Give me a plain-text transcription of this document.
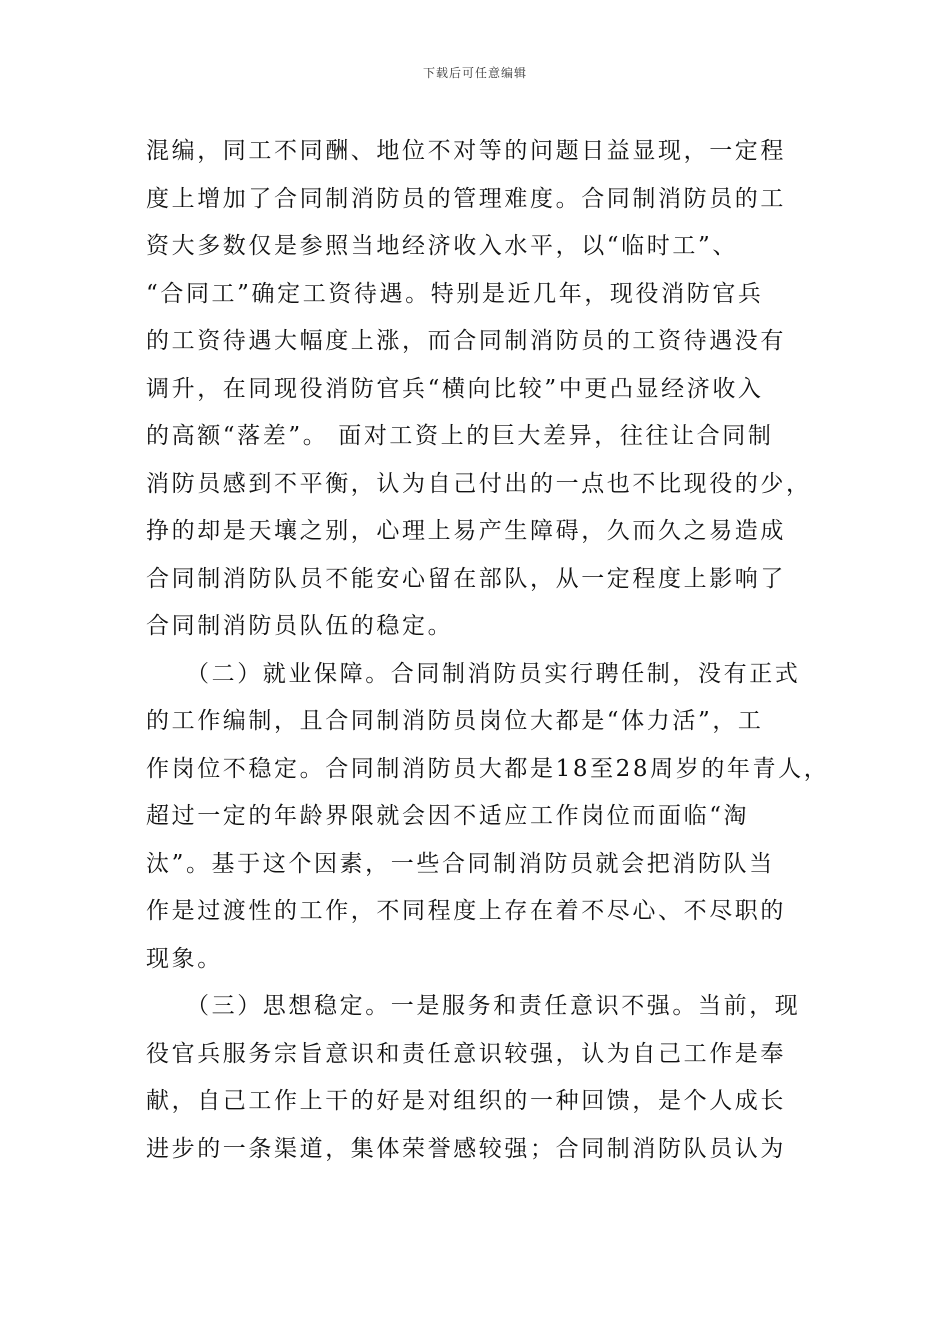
下载后可任意编辑
混编，同工不同酬、地位不对等的问题日益显现，一定程
度上增加了合同制消防员的管理难度。合同制消防员的工
资大多数仅是参照当地经济收入水平，以“临时工”、
“合同工”确定工资待遇。特别是近几年，现役消防官兵
的工资待遇大幅度上涨，而合同制消防员的工资待遇没有
调升，在同现役消防官兵“横向比较”中更凸显经济收入
的高额“落差”。 面对工资上的巨大差异，往往让合同制
消防员感到不平衡，认为自己付出的一点也不比现役的少，
挣的却是天壤之别，心理上易产生障碍，久而久之易造成
合同制消防队员不能安心留在部队，从一定程度上影响了
合同制消防员队伍的稳定。
（二）就业保障。合同制消防员实行聘任制，没有正式
的工作编制，且合同制消防员岗位大都是“体力活”，工
作岗位不稳定。合同制消防员大都是18至28周岁的年青人，
超过一定的年龄界限就会因不适应工作岗位而面临“淘
汰”。基于这个因素，一些合同制消防员就会把消防队当
作是过渡性的工作，不同程度上存在着不尽心、不尽职的
现象。
（三）思想稳定。一是服务和责任意识不强。当前，现
役官兵服务宗旨意识和责任意识较强，认为自己工作是奉
献，自己工作上干的好是对组织的一种回馈，是个人成长
进步的一条渠道，集体荣誉感较强；合同制消防队员认为
